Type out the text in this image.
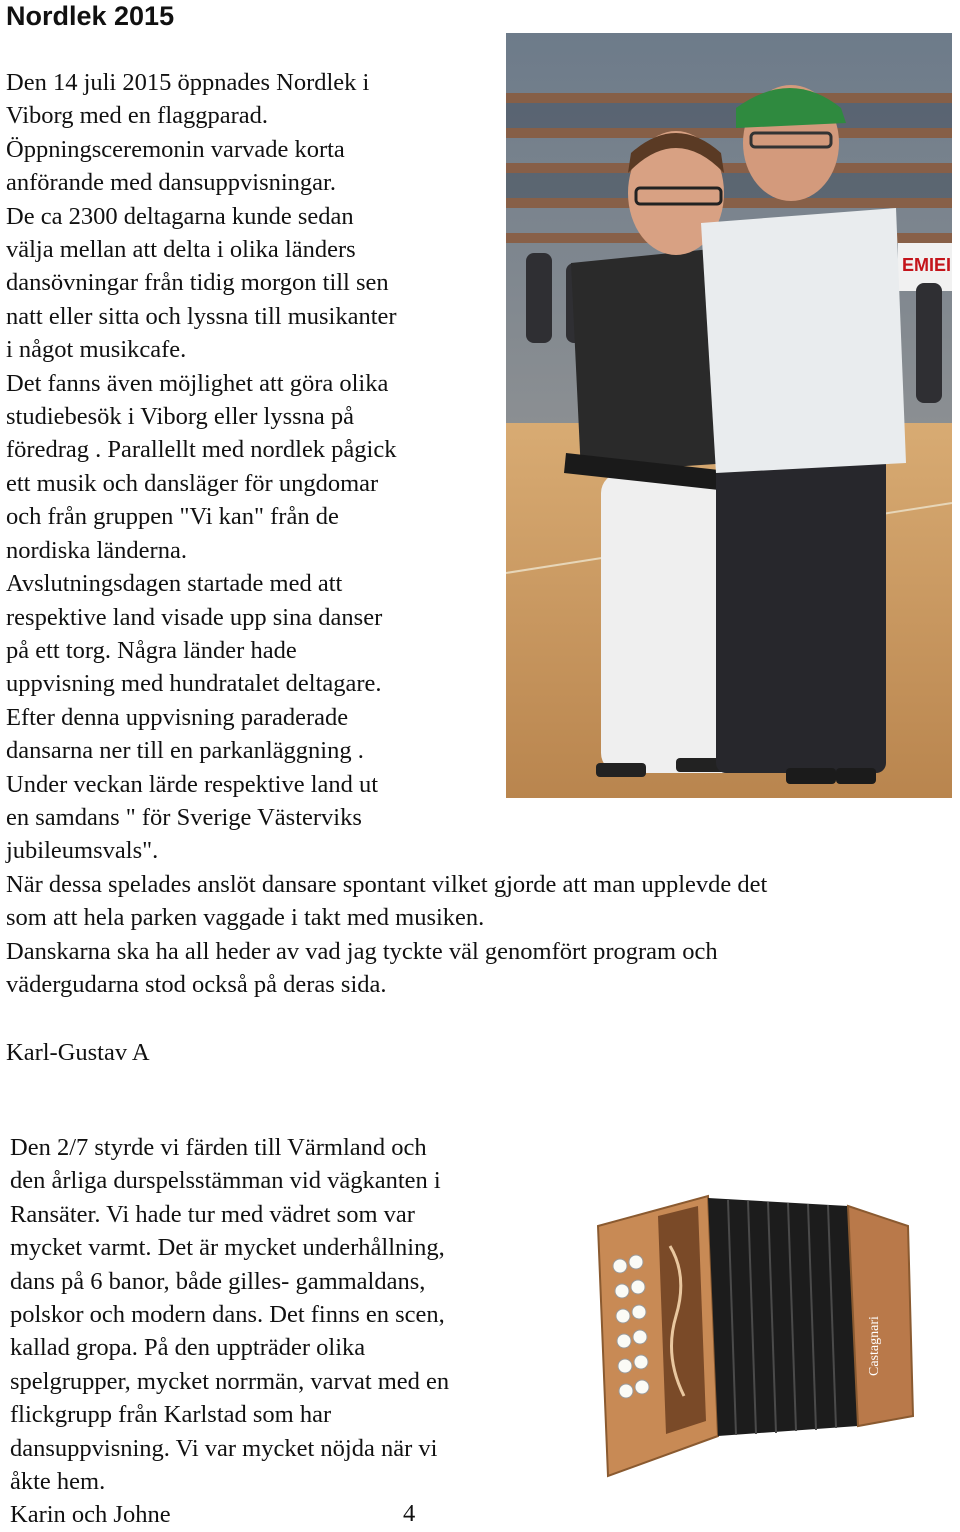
Nordlek 2015
Den 14 juli 2015 öppnades Nordlek i
Viborg med en flaggparad.
Öppningsceremonin varvade korta
anförande med dansuppvisningar.
De ca 2300 deltagarna kunde sedan
välja mellan att delta i olika länders
dansövningar från tidig morgon till sen
natt eller sitta och lyssna till musikanter
i något musikcafe.
Det fanns även möjlighet att göra olika
studiebesök i Viborg eller lyssna på
föredrag . Parallellt med nordlek pågick
ett musik och dansläger för ungdomar
och från gruppen "Vi kan" från de
nordiska länderna.
Avslutningsdagen startade med att
respektive land visade upp sina danser
på ett torg. Några länder hade
uppvisning med hundratalet deltagare.
Efter denna uppvisning paraderade
dansarna ner till en parkanläggning .
Under veckan lärde respektive land ut
en samdans " för Sverige Västerviks
jubileumsvals".
EMIEI
När dessa spelades anslöt dansare spontant vilket gjorde att man upplevde det
som att hela parken vaggade i takt med musiken.
Danskarna ska ha all heder av vad jag tyckte väl genomfört program och
vädergudarna stod också på deras sida.
Karl-Gustav A
Den 2/7 styrde vi färden till Värmland och
den årliga durspelsstämman vid vägkanten i
Ransäter. Vi hade tur med vädret som var
mycket varmt. Det är mycket underhållning,
dans på 6 banor, både gilles- gammaldans,
polskor och modern dans. Det finns en scen,
kallad gropa. På den uppträder olika
spelgrupper, mycket norrmän, varvat med en
flickgrupp från Karlstad som har
dansuppvisning. Vi var mycket nöjda när vi
åkte hem.
Karin och Johne	4
Castagnari
